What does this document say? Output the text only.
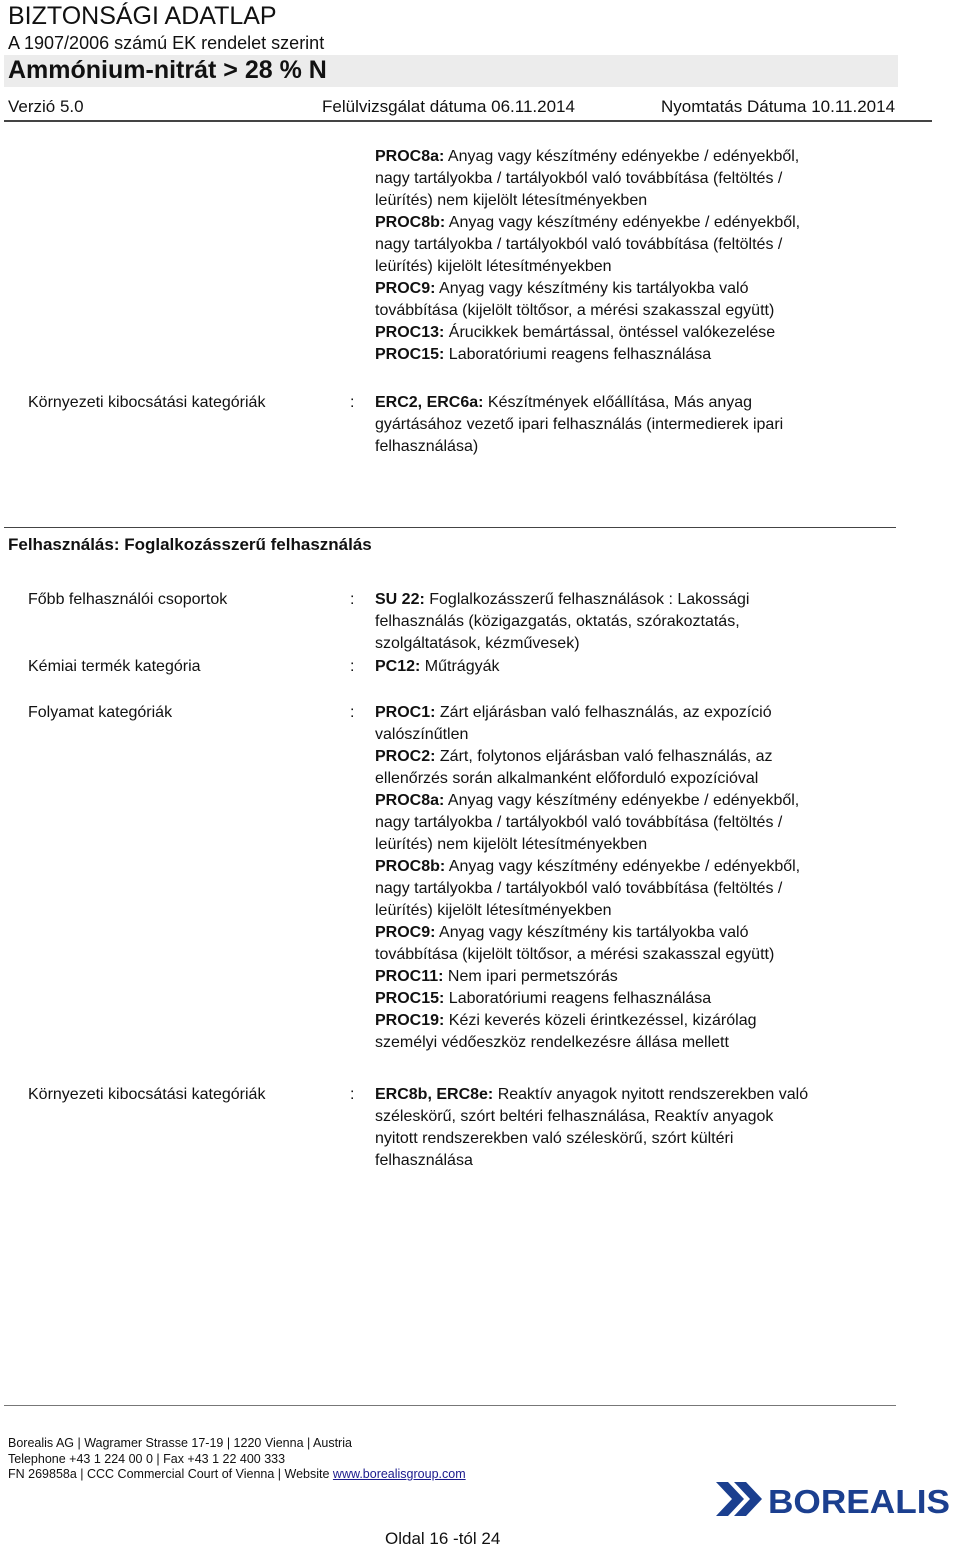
BIZTONSÁGI ADATLAP
A 1907/2006 számú EK rendelet szerint
Ammónium-nitrát > 28 % N
Verzió 5.0	Felülvizsgálat dátuma 06.11.2014	Nyomtatás Dátuma 10.11.2014
PROC8a: Anyag vagy készítmény edényekbe / edényekből,
nagy tartályokba / tartályokból való továbbítása (feltöltés /
leürítés) nem kijelölt létesítményekben
PROC8b: Anyag vagy készítmény edényekbe / edényekből,
nagy tartályokba / tartályokból való továbbítása (feltöltés /
leürítés) kijelölt létesítményekben
PROC9: Anyag vagy készítmény kis tartályokba való
továbbítása (kijelölt töltősor, a mérési szakasszal együtt)
PROC13: Árucikkek bemártással, öntéssel valókezelése
PROC15: Laboratóriumi reagens felhasználása
Környezeti kibocsátási kategóriák	: ERC2, ERC6a: Készítmények előállítása, Más anyag
gyártásához vezető ipari felhasználás (intermedierek ipari
felhasználása)
Felhasználás: Foglalkozásszerű felhasználás
Főbb felhasználói csoportok	: SU 22: Foglalkozásszerű felhasználások : Lakossági
felhasználás (közigazgatás, oktatás, szórakoztatás,
szolgáltatások, kézművesek)
Kémiai termék kategória	: PC12: Műtrágyák
Folyamat kategóriák	: PROC1: Zárt eljárásban való felhasználás, az expozíció
valószínűtlen
PROC2: Zárt, folytonos eljárásban való felhasználás, az
ellenőrzés során alkalmanként előforduló expozícióval
PROC8a: Anyag vagy készítmény edényekbe / edényekből,
nagy tartályokba / tartályokból való továbbítása (feltöltés /
leürítés) nem kijelölt létesítményekben
PROC8b: Anyag vagy készítmény edényekbe / edényekből,
nagy tartályokba / tartályokból való továbbítása (feltöltés /
leürítés) kijelölt létesítményekben
PROC9: Anyag vagy készítmény kis tartályokba való
továbbítása (kijelölt töltősor, a mérési szakasszal együtt)
PROC11: Nem ipari permetszórás
PROC15: Laboratóriumi reagens felhasználása
PROC19: Kézi keverés közeli érintkezéssel, kizárólag
személyi védőeszköz rendelkezésre állása mellett
Környezeti kibocsátási kategóriák	: ERC8b, ERC8e: Reaktív anyagok nyitott rendszerekben való
széleskörű, szórt beltéri felhasználása, Reaktív anyagok
nyitott rendszerekben való széleskörű, szórt kültéri
felhasználása
Borealis AG | Wagramer Strasse 17-19 | 1220 Vienna | Austria
Telephone +43 1 224 00 0 | Fax +43 1 22 400 333
FN 269858a | CCC Commercial Court of Vienna | Website www.borealisgroup.com
BOREALIS
Oldal 16 -tól 24
